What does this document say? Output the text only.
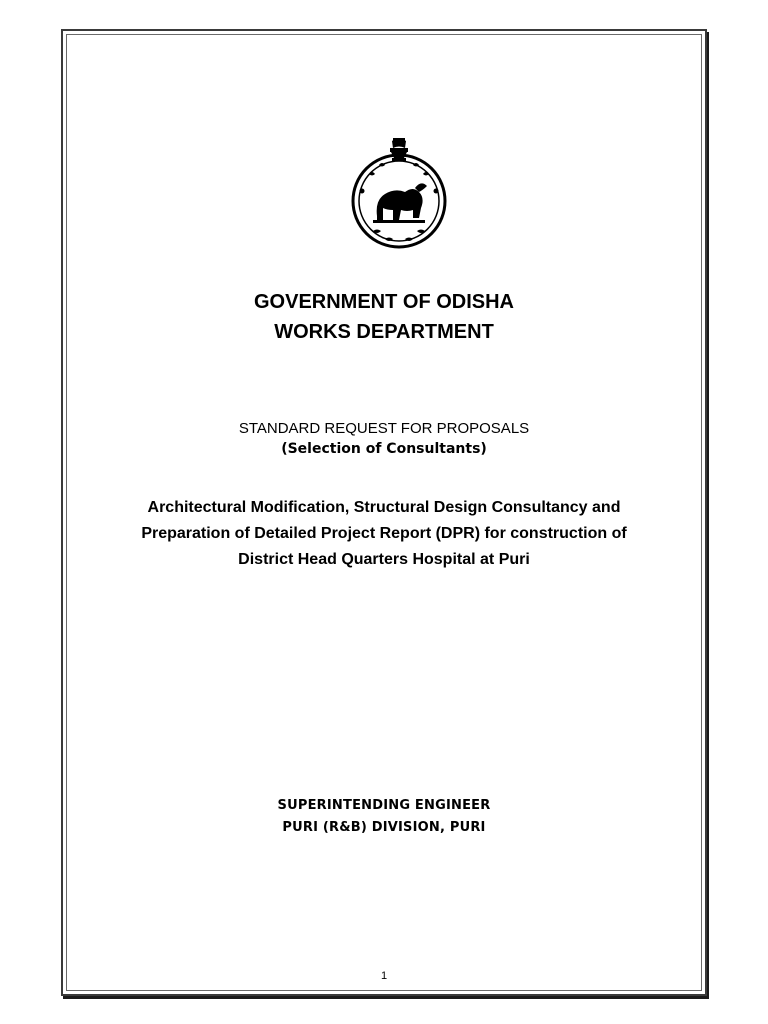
GOVERNMENT OF ODISHA
WORKS DEPARTMENT
STANDARD REQUEST FOR PROPOSALS
(Selection of Consultants)
Architectural Modification, Structural Design Consultancy and
Preparation of Detailed Project Report (DPR) for construction of
District Head Quarters Hospital at Puri
SUPERINTENDING ENGINEER
PURI (R&B) DIVISION, PURI
1
